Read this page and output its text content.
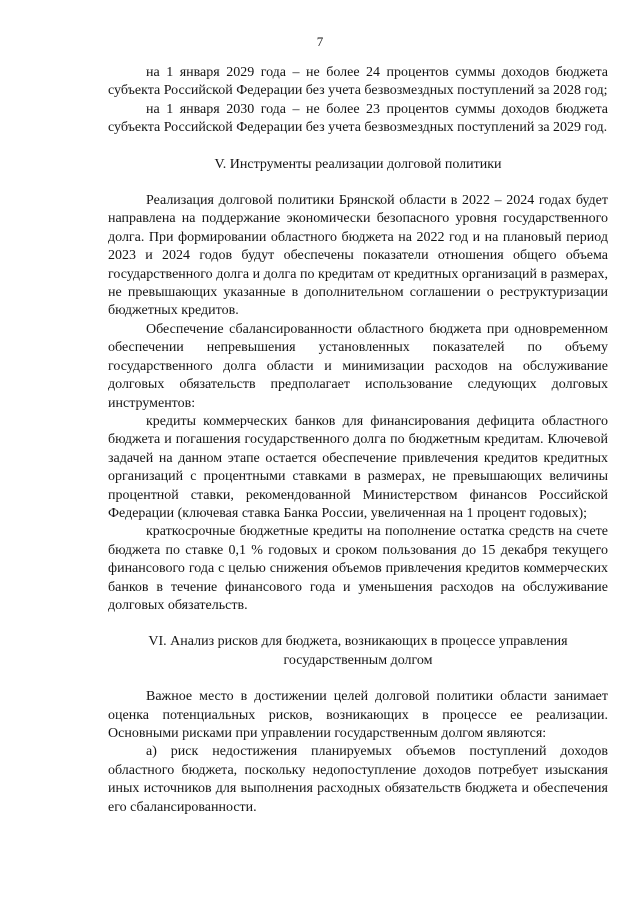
7

на 1 января 2029 года – не более 24 процентов суммы доходов бюджета субъекта Российской Федерации без учета безвозмездных поступлений за 2028 год;

на 1 января 2030 года – не более 23 процентов суммы доходов бюджета субъекта Российской Федерации без учета безвозмездных поступлений за 2029 год.

V. Инструменты реализации долговой политики

Реализация долговой политики Брянской области в 2022 – 2024 годах будет направлена на поддержание экономически безопасного уровня государственного долга. При формировании областного бюджета на 2022 год и на плановый период 2023 и 2024 годов будут обеспечены показатели отношения общего объема государственного долга и долга по кредитам от кредитных организаций в размерах, не превышающих указанные в дополнительном соглашении о реструктуризации бюджетных кредитов.

Обеспечение сбалансированности областного бюджета при одновременном обеспечении непревышения установленных показателей по объему государственного долга области и минимизации расходов на обслуживание долговых обязательств предполагает использование следующих долговых инструментов:

кредиты коммерческих банков для финансирования дефицита областного бюджета и погашения государственного долга по бюджетным кредитам. Ключевой задачей на данном этапе остается обеспечение привлечения кредитов кредитных организаций с процентными ставками в размерах, не превышающих величины процентной ставки, рекомендованной Министерством финансов Российской Федерации (ключевая ставка Банка России, увеличенная на 1 процент годовых);

краткосрочные бюджетные кредиты на пополнение остатка средств на счете бюджета по ставке 0,1 % годовых и сроком пользования до 15 декабря текущего финансового года с целью снижения объемов привлечения кредитов коммерческих банков в течение финансового года и уменьшения расходов на обслуживание долговых обязательств.

VI. Анализ рисков для бюджета, возникающих в процессе управления
государственным долгом

Важное место в достижении целей долговой политики области занимает оценка потенциальных рисков, возникающих в процессе ее реализации. Основными рисками при управлении государственным долгом являются:

а) риск недостижения планируемых объемов поступлений доходов областного бюджета, поскольку недопоступление доходов потребует изыскания иных источников для выполнения расходных обязательств бюджета и обеспечения его сбалансированности.
